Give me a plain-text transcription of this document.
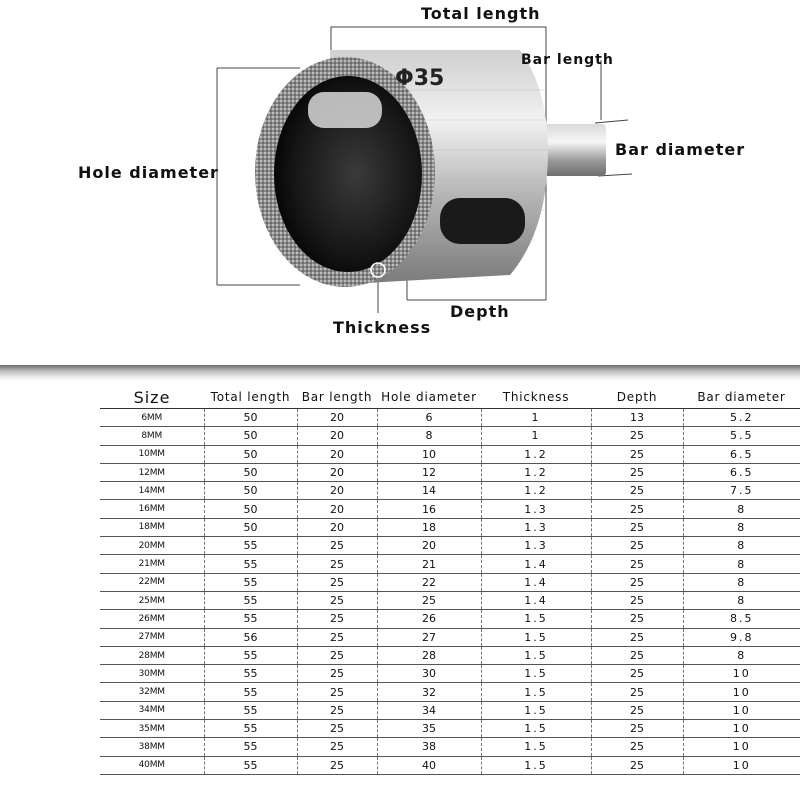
Φ35
Total length
Bar length
Bar diameter
Hole diameter
Depth
Thickness
Size	Total length	Bar length	Hole diameter	Thickness	Depth	Bar diameter
6MM	50	20	6	1	13	5.2
8MM	50	20	8	1	25	5.5
10MM	50	20	10	1.2	25	6.5
12MM	50	20	12	1.2	25	6.5
14MM	50	20	14	1.2	25	7.5
16MM	50	20	16	1.3	25	8
18MM	50	20	18	1.3	25	8
20MM	55	25	20	1.3	25	8
21MM	55	25	21	1.4	25	8
22MM	55	25	22	1.4	25	8
25MM	55	25	25	1.4	25	8
26MM	55	25	26	1.5	25	8.5
27MM	56	25	27	1.5	25	9.8
28MM	55	25	28	1.5	25	8
30MM	55	25	30	1.5	25	10
32MM	55	25	32	1.5	25	10
34MM	55	25	34	1.5	25	10
35MM	55	25	35	1.5	25	10
38MM	55	25	38	1.5	25	10
40MM	55	25	40	1.5	25	10
